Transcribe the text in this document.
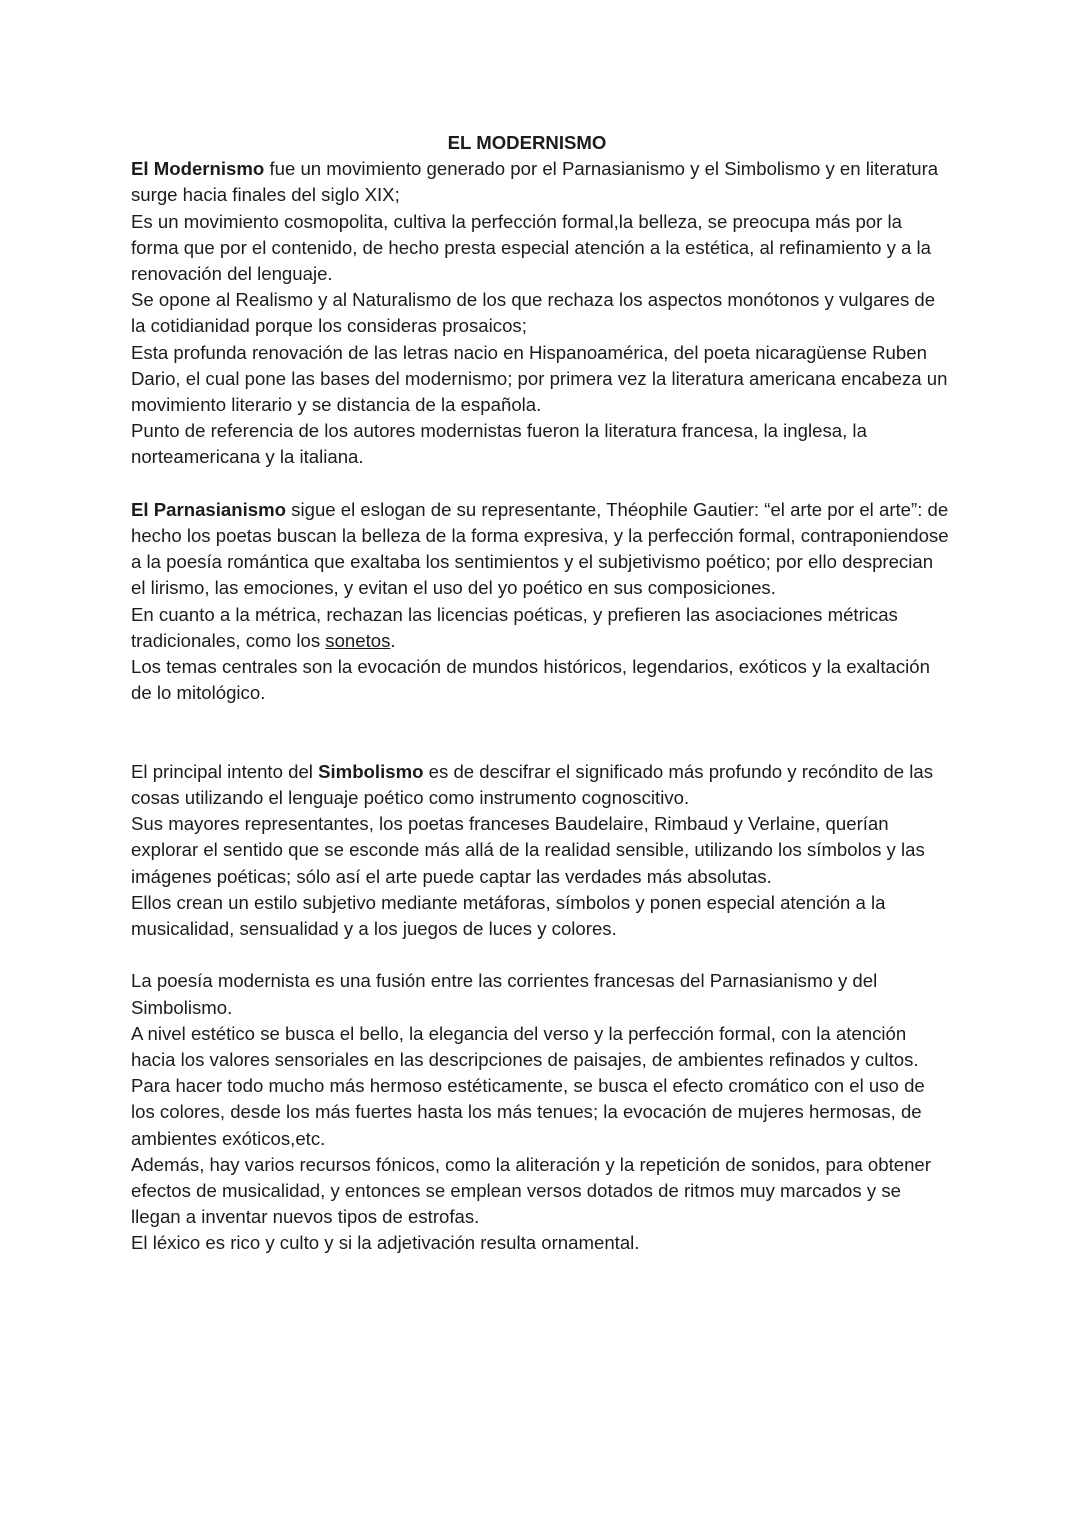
EL MODERNISMO

El Modernismo fue un movimiento generado por el Parnasianismo y el Simbolismo y en literatura surge hacia finales del siglo XIX;

Es un movimiento cosmopolita, cultiva la perfección formal,la belleza, se preocupa más por la forma que por el contenido, de hecho presta especial atención a la estética, al refinamiento y a la renovación del lenguaje.

Se opone al Realismo y al Naturalismo de los que rechaza los aspectos monótonos y vulgares de la cotidianidad porque los consideras prosaicos;

Esta profunda renovación de las letras nacio en Hispanoamérica, del poeta nicaragüense Ruben Dario, el cual pone las bases del modernismo; por primera vez la literatura americana encabeza un movimiento literario y se distancia de la española.

Punto de referencia de los autores modernistas fueron la literatura francesa, la inglesa, la norteamericana y la italiana.

El Parnasianismo sigue el eslogan de su representante, Théophile Gautier: “el arte por el arte”: de hecho los poetas buscan la belleza de la forma expresiva, y la perfección formal, contraponiendose a la poesía romántica que exaltaba los sentimientos y el subjetivismo poético; por ello desprecian el lirismo, las emociones, y evitan el uso del yo poético en sus composiciones.

En cuanto a la métrica, rechazan las licencias poéticas, y prefieren las asociaciones métricas tradicionales, como los sonetos.

Los temas centrales son la evocación de mundos históricos, legendarios, exóticos y la exaltación de lo mitológico.

El principal intento del Simbolismo es de descifrar el significado más profundo y recóndito de las cosas utilizando el lenguaje poético como instrumento cognoscitivo.

Sus mayores representantes, los poetas franceses Baudelaire, Rimbaud y Verlaine, querían explorar el sentido que se esconde más allá de la realidad sensible, utilizando los símbolos y las imágenes poéticas; sólo así el arte puede captar las verdades más absolutas.

Ellos crean un estilo subjetivo mediante metáforas, símbolos y ponen especial atención a la musicalidad, sensualidad y a los juegos de luces y colores.

La poesía modernista es una fusión entre las corrientes francesas del Parnasianismo y del Simbolismo.

A nivel estético se busca el bello, la elegancia del verso y la perfección formal, con la atención hacia los valores sensoriales en las descripciones de paisajes, de ambientes refinados y cultos.

Para hacer todo mucho más hermoso estéticamente, se busca el efecto cromático con el uso de los colores, desde los más fuertes hasta los más tenues; la evocación de mujeres hermosas, de ambientes exóticos,etc.

Además, hay varios recursos fónicos, como la aliteración y la repetición de sonidos, para obtener efectos de musicalidad, y entonces se emplean versos dotados de ritmos muy marcados y se llegan a inventar nuevos tipos de estrofas.

El léxico es rico y culto y si la adjetivación resulta ornamental.
